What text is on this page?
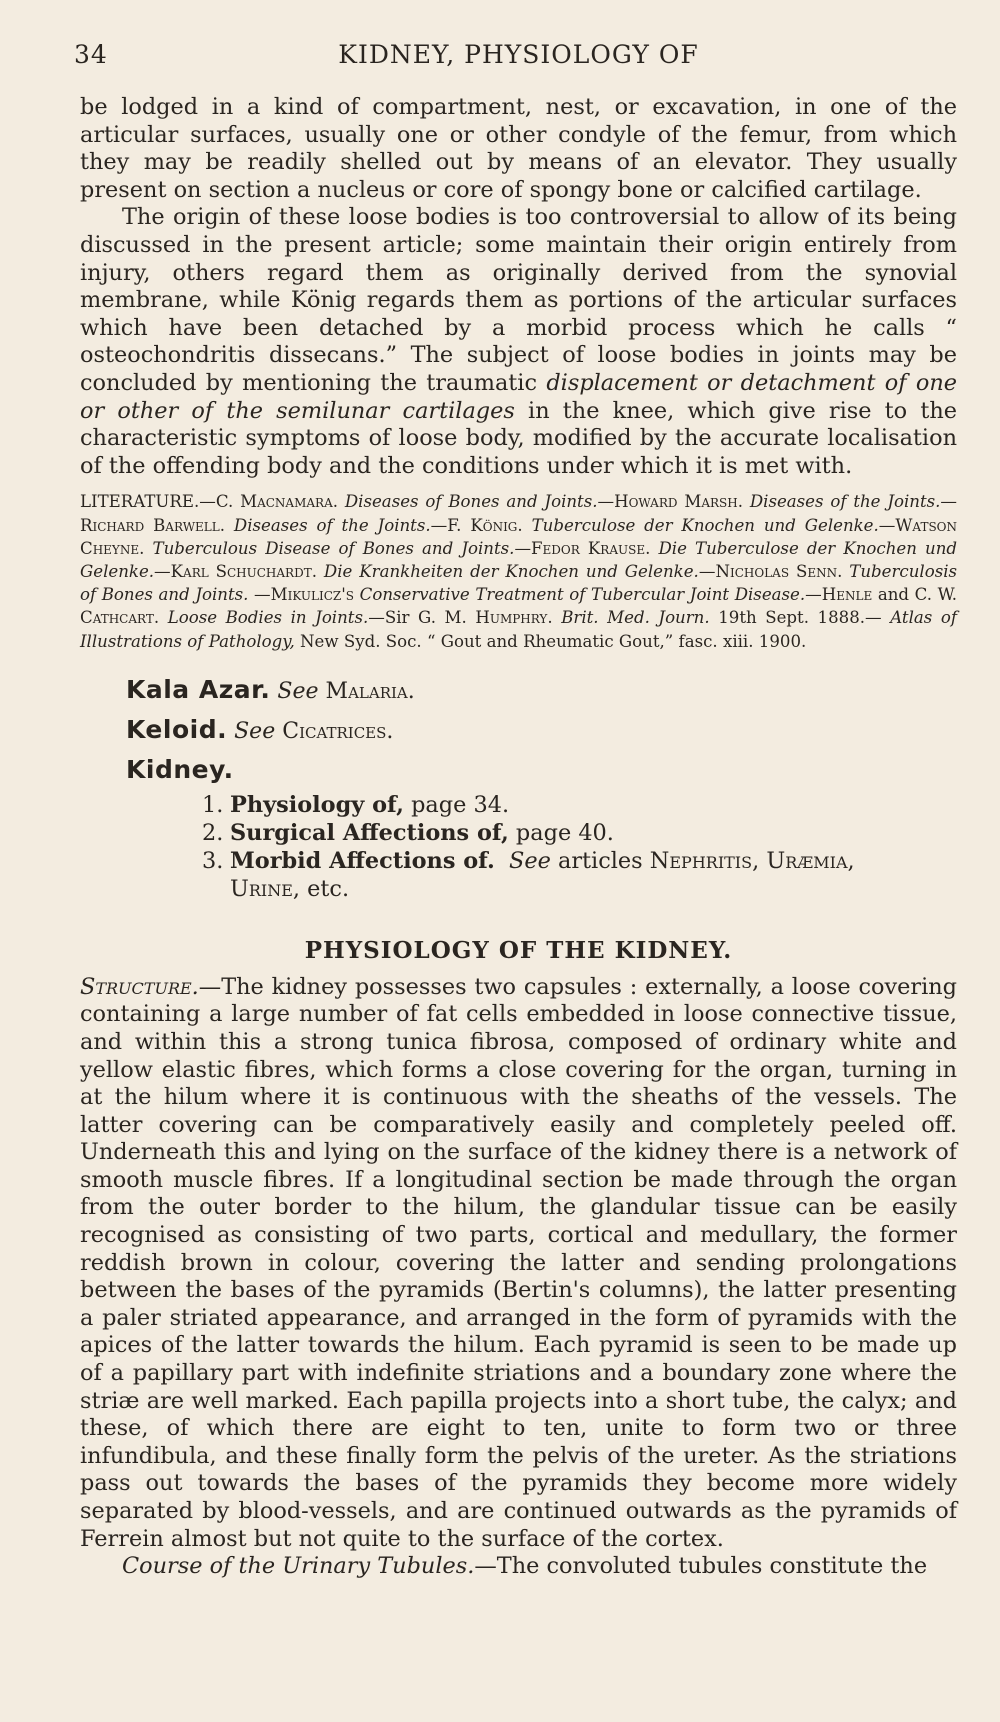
34	KIDNEY, PHYSIOLOGY OF

be lodged in a kind of compartment, nest, or excavation, in one of the articular surfaces, usually one or other condyle of the femur, from which they may be readily shelled out by means of an elevator. They usually present on section a nucleus or core of spongy bone or calcified cartilage.

The origin of these loose bodies is too controversial to allow of its being discussed in the present article; some maintain their origin entirely from injury, others regard them as originally derived from the synovial membrane, while König regards them as portions of the articular surfaces which have been detached by a morbid process which he calls “ osteochondritis dissecans.” The subject of loose bodies in joints may be concluded by mentioning the traumatic displacement or detachment of one or other of the semilunar cartilages in the knee, which give rise to the characteristic symptoms of loose body, modified by the accurate localisation of the offending body and the conditions under which it is met with.

LITERATURE.—C. Macnamara. Diseases of Bones and Joints.—Howard Marsh. Diseases of the Joints.—Richard Barwell. Diseases of the Joints.—F. König. Tuberculose der Knochen und Gelenke.—Watson Cheyne. Tuberculous Disease of Bones and Joints.—Fedor Krause. Die Tuberculose der Knochen und Gelenke.—Karl Schuchardt. Die Krankheiten der Knochen und Gelenke.—Nicholas Senn. Tuberculosis of Bones and Joints. —Mikulicz's Conservative Treatment of Tubercular Joint Disease.—Henle and C. W. Cathcart. Loose Bodies in Joints.—Sir G. M. Humphry. Brit. Med. Journ. 19th Sept. 1888.— Atlas of Illustrations of Pathology, New Syd. Soc. “ Gout and Rheumatic Gout,” fasc. xiii. 1900.

Kala Azar. See Malaria.
Keloid. See Cicatrices.
Kidney.
1. Physiology of, page 34.
2. Surgical Affections of, page 40.
3. Morbid Affections of. See articles Nephritis, Uræmia,
Urine, etc.
PHYSIOLOGY OF THE KIDNEY.

Structure.—The kidney possesses two capsules : externally, a loose covering containing a large number of fat cells embedded in loose connective tissue, and within this a strong tunica fibrosa, composed of ordinary white and yellow elastic fibres, which forms a close covering for the organ, turning in at the hilum where it is continuous with the sheaths of the vessels. The latter covering can be comparatively easily and completely peeled off. Underneath this and lying on the surface of the kidney there is a network of smooth muscle fibres. If a longitudinal section be made through the organ from the outer border to the hilum, the glandular tissue can be easily recognised as consisting of two parts, cortical and medullary, the former reddish brown in colour, covering the latter and sending prolongations between the bases of the pyramids (Bertin's columns), the latter presenting a paler striated appearance, and arranged in the form of pyramids with the apices of the latter towards the hilum. Each pyramid is seen to be made up of a papillary part with indefinite striations and a boundary zone where the striæ are well marked. Each papilla projects into a short tube, the calyx; and these, of which there are eight to ten, unite to form two or three infundibula, and these finally form the pelvis of the ureter. As the striations pass out towards the bases of the pyramids they become more widely separated by blood-vessels, and are continued outwards as the pyramids of Ferrein almost but not quite to the surface of the cortex.

Course of the Urinary Tubules.—The convoluted tubules constitute the
